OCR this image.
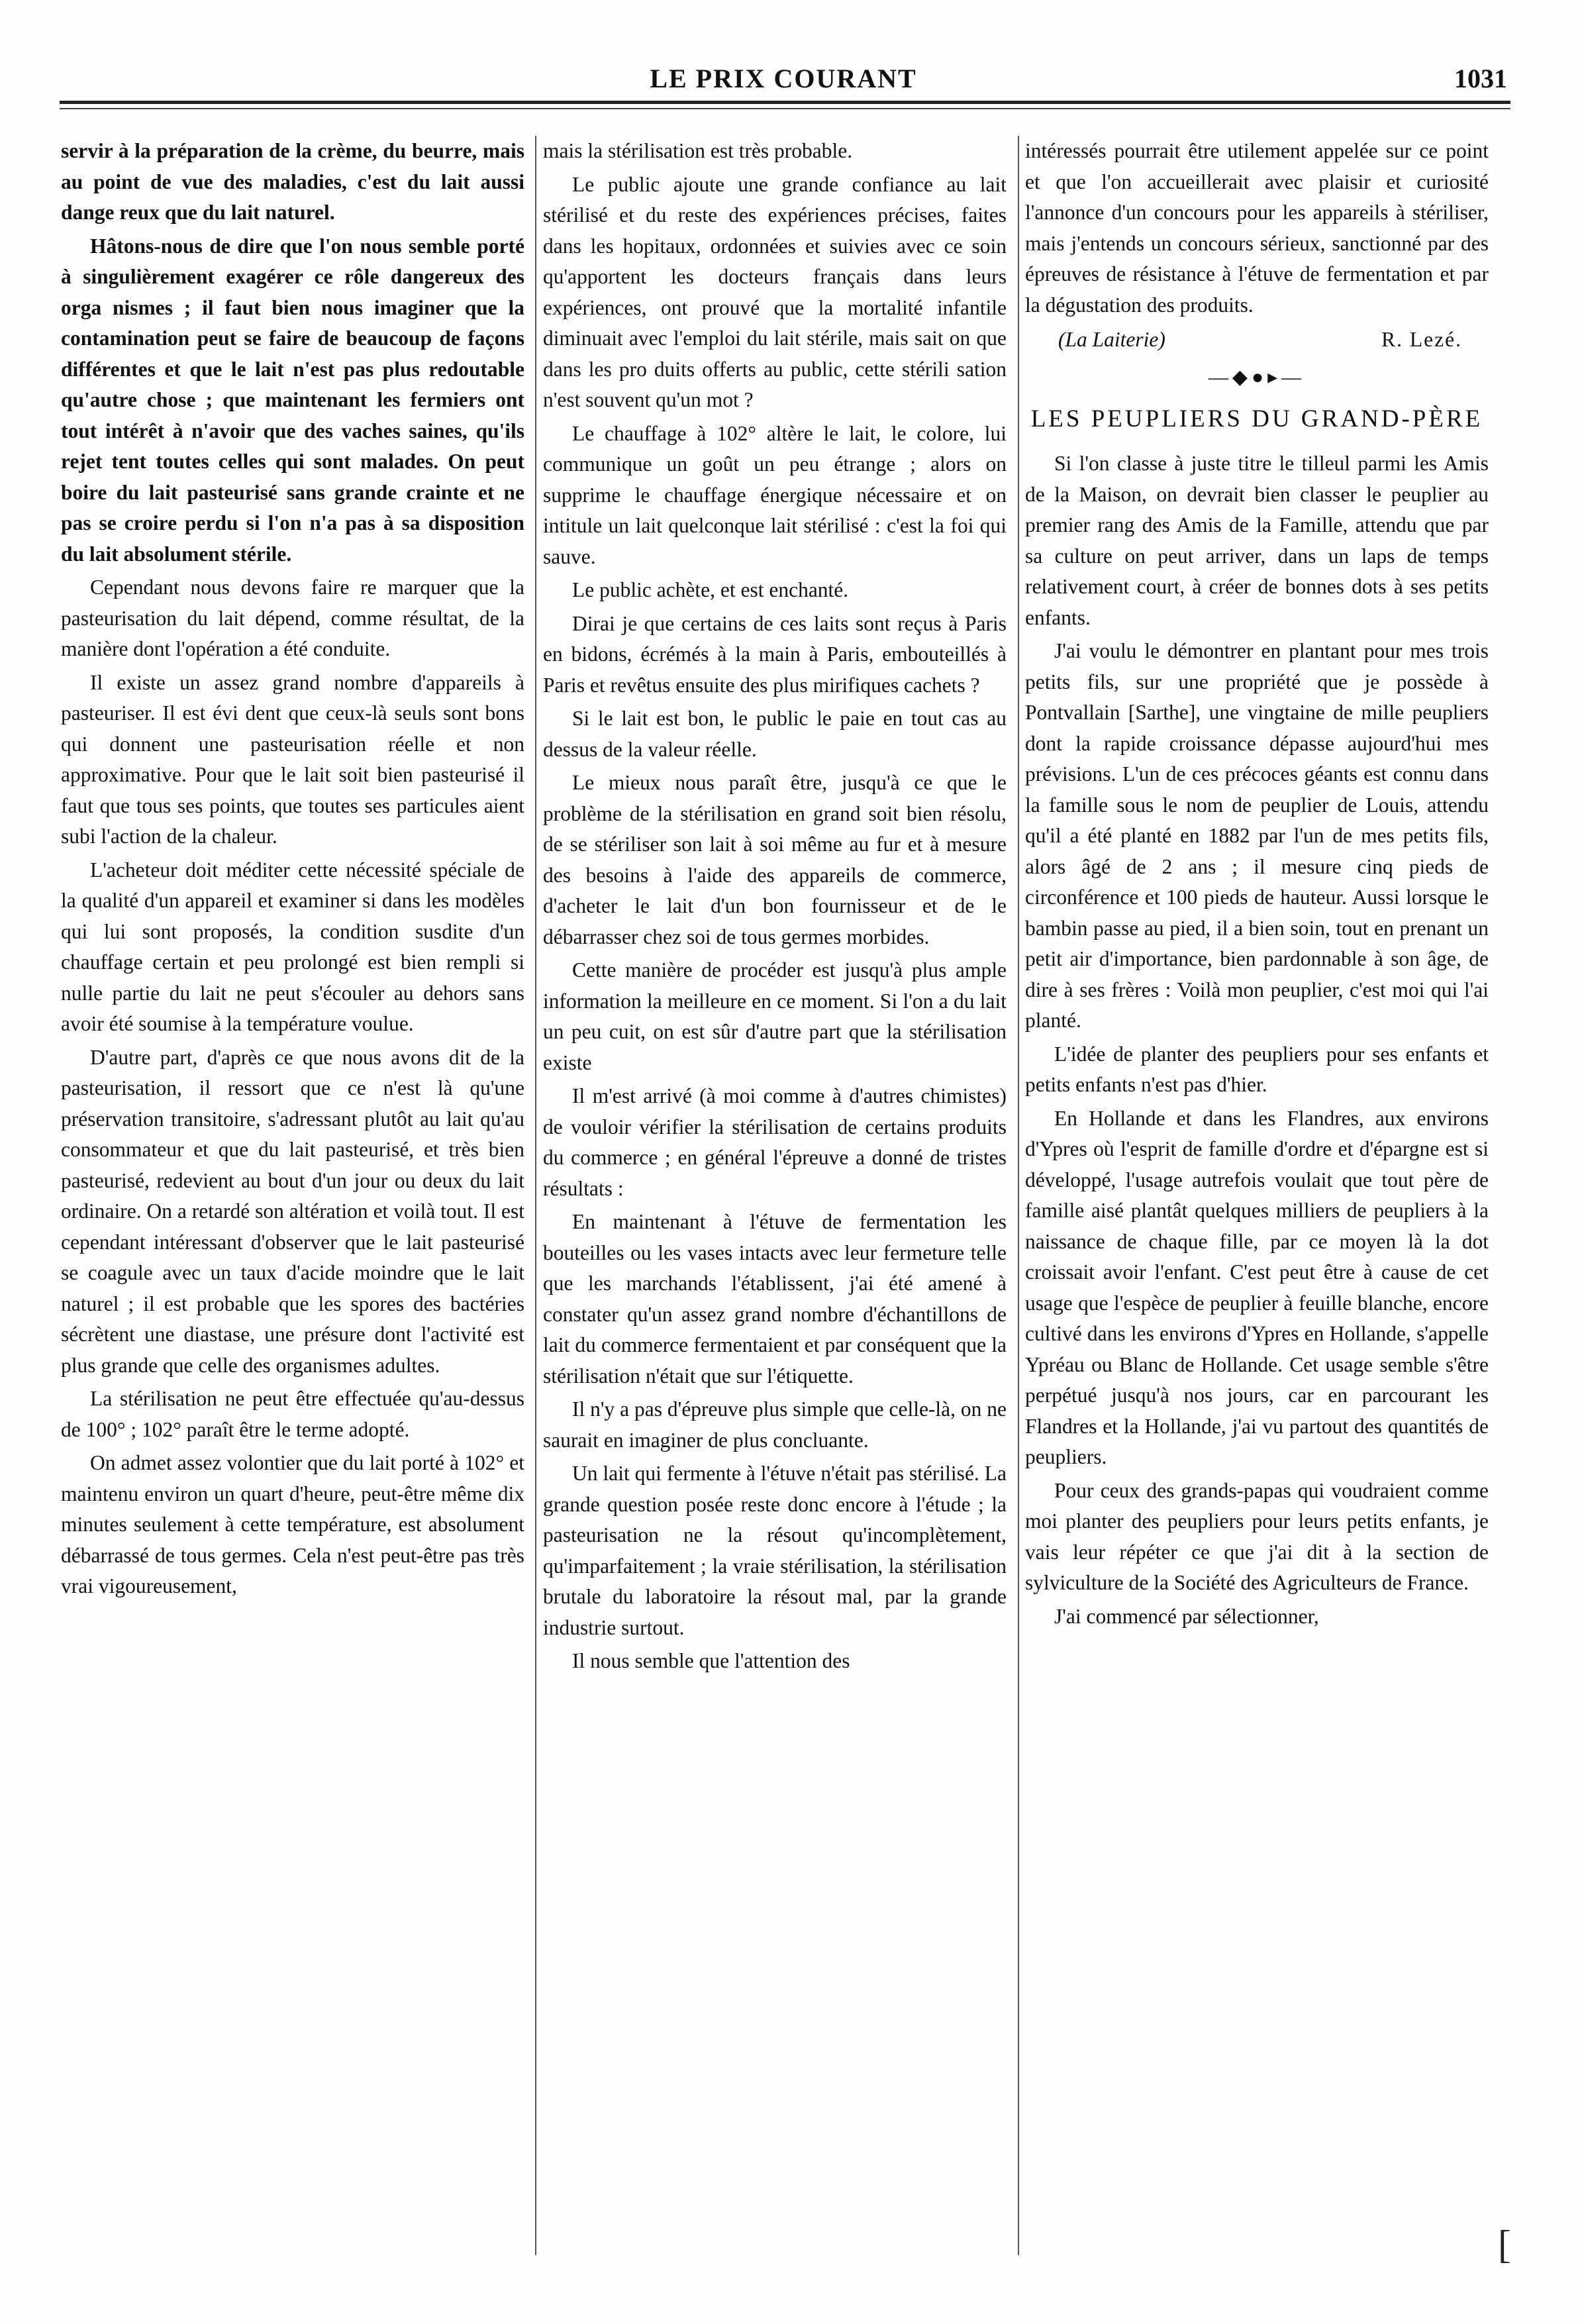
LE PRIX COURANT	1031

servir à la préparation de la crème, du beurre, mais au point de vue des maladies, c'est du lait aussi dange reux que du lait naturel.

Hâtons-nous de dire que l'on nous semble porté à singulièrement exagérer ce rôle dangereux des orga nismes ; il faut bien nous imaginer que la contamination peut se faire de beaucoup de façons différentes et que le lait n'est pas plus redoutable qu'autre chose ; que maintenant les fermiers ont tout intérêt à n'avoir que des vaches saines, qu'ils rejet tent toutes celles qui sont malades. On peut boire du lait pasteurisé sans grande crainte et ne pas se croire perdu si l'on n'a pas à sa disposition du lait absolument stérile.

Cependant nous devons faire re marquer que la pasteurisation du lait dépend, comme résultat, de la manière dont l'opération a été conduite.

Il existe un assez grand nombre d'appareils à pasteuriser. Il est évi dent que ceux-là seuls sont bons qui donnent une pasteurisation réelle et non approximative. Pour que le lait soit bien pasteurisé il faut que tous ses points, que toutes ses particules aient subi l'action de la chaleur.

L'acheteur doit méditer cette nécessité spéciale de la qualité d'un appareil et examiner si dans les modèles qui lui sont proposés, la condition susdite d'un chauffage certain et peu prolongé est bien rempli si nulle partie du lait ne peut s'écouler au dehors sans avoir été soumise à la température voulue.

D'autre part, d'après ce que nous avons dit de la pasteurisation, il ressort que ce n'est là qu'une préservation transitoire, s'adressant plutôt au lait qu'au consommateur et que du lait pasteurisé, et très bien pasteurisé, redevient au bout d'un jour ou deux du lait ordinaire. On a retardé son altération et voilà tout. Il est cependant intéressant d'observer que le lait pasteurisé se coagule avec un taux d'acide moindre que le lait naturel ; il est probable que les spores des bactéries sécrètent une diastase, une présure dont l'activité est plus grande que celle des organismes adultes.

La stérilisation ne peut être effectuée qu'au-dessus de 100° ; 102° paraît être le terme adopté.

On admet assez volontier que du lait porté à 102° et maintenu environ un quart d'heure, peut-être même dix minutes seulement à cette température, est absolument débarrassé de tous germes. Cela n'est peut-être pas très vrai vigoureusement,

mais la stérilisation est très probable.

Le public ajoute une grande confiance au lait stérilisé et du reste des expériences précises, faites dans les hopitaux, ordonnées et suivies avec ce soin qu'apportent les docteurs français dans leurs expériences, ont prouvé que la mortalité infantile diminuait avec l'emploi du lait stérile, mais sait on que dans les pro duits offerts au public, cette stérili sation n'est souvent qu'un mot ?

Le chauffage à 102° altère le lait, le colore, lui communique un goût un peu étrange ; alors on supprime le chauffage énergique nécessaire et on intitule un lait quelconque lait stérilisé : c'est la foi qui sauve.

Le public achète, et est enchanté.

Dirai je que certains de ces laits sont reçus à Paris en bidons, écrémés à la main à Paris, embouteillés à Paris et revêtus ensuite des plus mirifiques cachets ?

Si le lait est bon, le public le paie en tout cas au dessus de la valeur réelle.

Le mieux nous paraît être, jusqu'à ce que le problème de la stérilisation en grand soit bien résolu, de se stériliser son lait à soi même au fur et à mesure des besoins à l'aide des appareils de commerce, d'acheter le lait d'un bon fournisseur et de le débarrasser chez soi de tous germes morbides.

Cette manière de procéder est jusqu'à plus ample information la meilleure en ce moment. Si l'on a du lait un peu cuit, on est sûr d'autre part que la stérilisation existe

Il m'est arrivé (à moi comme à d'autres chimistes) de vouloir vérifier la stérilisation de certains produits du commerce ; en général l'épreuve a donné de tristes résultats :

En maintenant à l'étuve de fermentation les bouteilles ou les vases intacts avec leur fermeture telle que les marchands l'établissent, j'ai été amené à constater qu'un assez grand nombre d'échantillons de lait du commerce fermentaient et par conséquent que la stérilisation n'était que sur l'étiquette.

Il n'y a pas d'épreuve plus simple que celle-là, on ne saurait en imaginer de plus concluante.

Un lait qui fermente à l'étuve n'était pas stérilisé. La grande question posée reste donc encore à l'étude ; la pasteurisation ne la résout qu'incomplètement, qu'imparfaitement ; la vraie stérilisation, la stérilisation brutale du laboratoire la résout mal, par la grande industrie surtout.

Il nous semble que l'attention des

intéressés pourrait être utilement appelée sur ce point et que l'on accueillerait avec plaisir et curiosité l'annonce d'un concours pour les appareils à stériliser, mais j'entends un concours sérieux, sanctionné par des épreuves de résistance à l'étuve de fermentation et par la dégustation des produits.

(La Laiterie)	R. Lezé.
—◆●▸—
LES PEUPLIERS DU GRAND-PÈRE

Si l'on classe à juste titre le tilleul parmi les Amis de la Maison, on devrait bien classer le peuplier au premier rang des Amis de la Famille, attendu que par sa culture on peut arriver, dans un laps de temps relativement court, à créer de bonnes dots à ses petits enfants.

J'ai voulu le démontrer en plantant pour mes trois petits fils, sur une propriété que je possède à Pontvallain [Sarthe], une vingtaine de mille peupliers dont la rapide croissance dépasse aujourd'hui mes prévisions. L'un de ces précoces géants est connu dans la famille sous le nom de peuplier de Louis, attendu qu'il a été planté en 1882 par l'un de mes petits fils, alors âgé de 2 ans ; il mesure cinq pieds de circonférence et 100 pieds de hauteur. Aussi lorsque le bambin passe au pied, il a bien soin, tout en prenant un petit air d'importance, bien pardonnable à son âge, de dire à ses frères : Voilà mon peuplier, c'est moi qui l'ai planté.

L'idée de planter des peupliers pour ses enfants et petits enfants n'est pas d'hier.

En Hollande et dans les Flandres, aux environs d'Ypres où l'esprit de famille d'ordre et d'épargne est si développé, l'usage autrefois voulait que tout père de famille aisé plantât quelques milliers de peupliers à la naissance de chaque fille, par ce moyen là la dot croissait avoir l'enfant. C'est peut être à cause de cet usage que l'espèce de peuplier à feuille blanche, encore cultivé dans les environs d'Ypres en Hollande, s'appelle Ypréau ou Blanc de Hollande. Cet usage semble s'être perpétué jusqu'à nos jours, car en parcourant les Flandres et la Hollande, j'ai vu partout des quantités de peupliers.

Pour ceux des grands-papas qui voudraient comme moi planter des peupliers pour leurs petits enfants, je vais leur répéter ce que j'ai dit à la section de sylviculture de la Société des Agriculteurs de France.

J'ai commencé par sélectionner,

[
